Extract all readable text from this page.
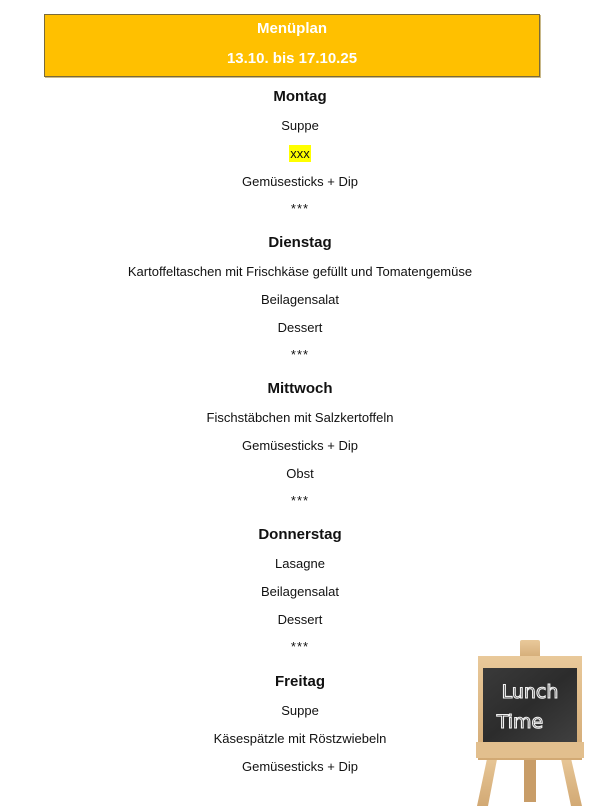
Menüplan
13.10. bis 17.10.25
Montag
Suppe
xxx
Gemüsesticks + Dip
***
Dienstag
Kartoffeltaschen mit Frischkäse gefüllt und Tomatengemüse
Beilagensalat
Dessert
***
Mittwoch
Fischstäbchen mit Salzkertoffeln
Gemüsesticks + Dip
Obst
***
Donnerstag
Lasagne
Beilagensalat
Dessert
***
Freitag
Suppe
Käsespätzle mit Röstzwiebeln
Gemüsesticks + Dip
Lunch
Time
